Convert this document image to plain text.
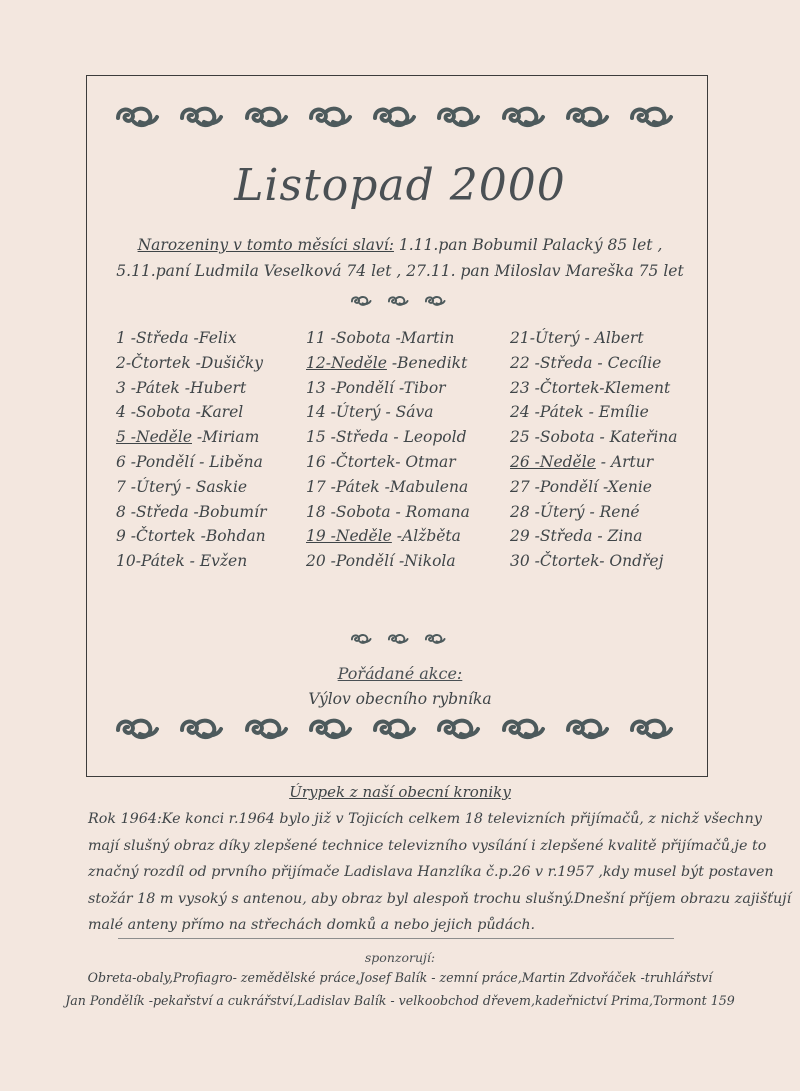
Listopad 2000
Narozeniny v tomto měsíci slaví: 1.11.pan Bobumil Palacký 85 let ,
5.11.paní Ludmila Veselková 74 let , 27.11. pan Miloslav Mareška 75 let
1 -Středa -Felix
2-Čtortek -Dušičky
3 -Pátek -Hubert
4 -Sobota -Karel
5 -Neděle -Miriam
6 -Pondělí - Liběna
7 -Úterý - Saskie
8 -Středa -Bobumír
9 -Čtortek -Bohdan
10-Pátek - Evžen
11 -Sobota -Martin
12-Neděle -Benedikt
13 -Pondělí -Tibor
14 -Úterý - Sáva
15 -Středa - Leopold
16 -Čtortek- Otmar
17 -Pátek -Mabulena
18 -Sobota - Romana
19 -Neděle -Alžběta
20 -Pondělí -Nikola
21-Úterý - Albert
22 -Středa - Cecílie
23 -Čtortek-Klement
24 -Pátek - Emílie
25 -Sobota - Kateřina
26 -Neděle - Artur
27 -Pondělí -Xenie
28 -Úterý - René
29 -Středa - Zina
30 -Čtortek- Ondřej
Pořádané akce:
Výlov obecního rybníka
Úrypek z naší obecní kroniky
Rok 1964:Ke konci r.1964 bylo již v Tojicích celkem 18 televizních přijímačů, z nichž všechny
mají slušný obraz díky zlepšené technice televizního vysílání i zlepšené kvalitě přijímačů,je to
značný rozdíl od prvního přijímače Ladislava Hanzlíka č.p.26 v r.1957 ,kdy musel být postaven
stožár 18 m vysoký s antenou, aby obraz byl alespoň trochu slušný.Dnešní příjem obrazu zajišťují
malé anteny přímo na střechách domků a nebo jejich půdách.
sponzorují:
Obreta-obaly,Profiagro- zemědělské práce,Josef Balík - zemní práce,Martin Zdvořáček -truhlářství
Jan Pondělík -pekařství a cukrářství,Ladislav Balík - velkoobchod dřevem,kadeřnictví Prima,Tormont 159
